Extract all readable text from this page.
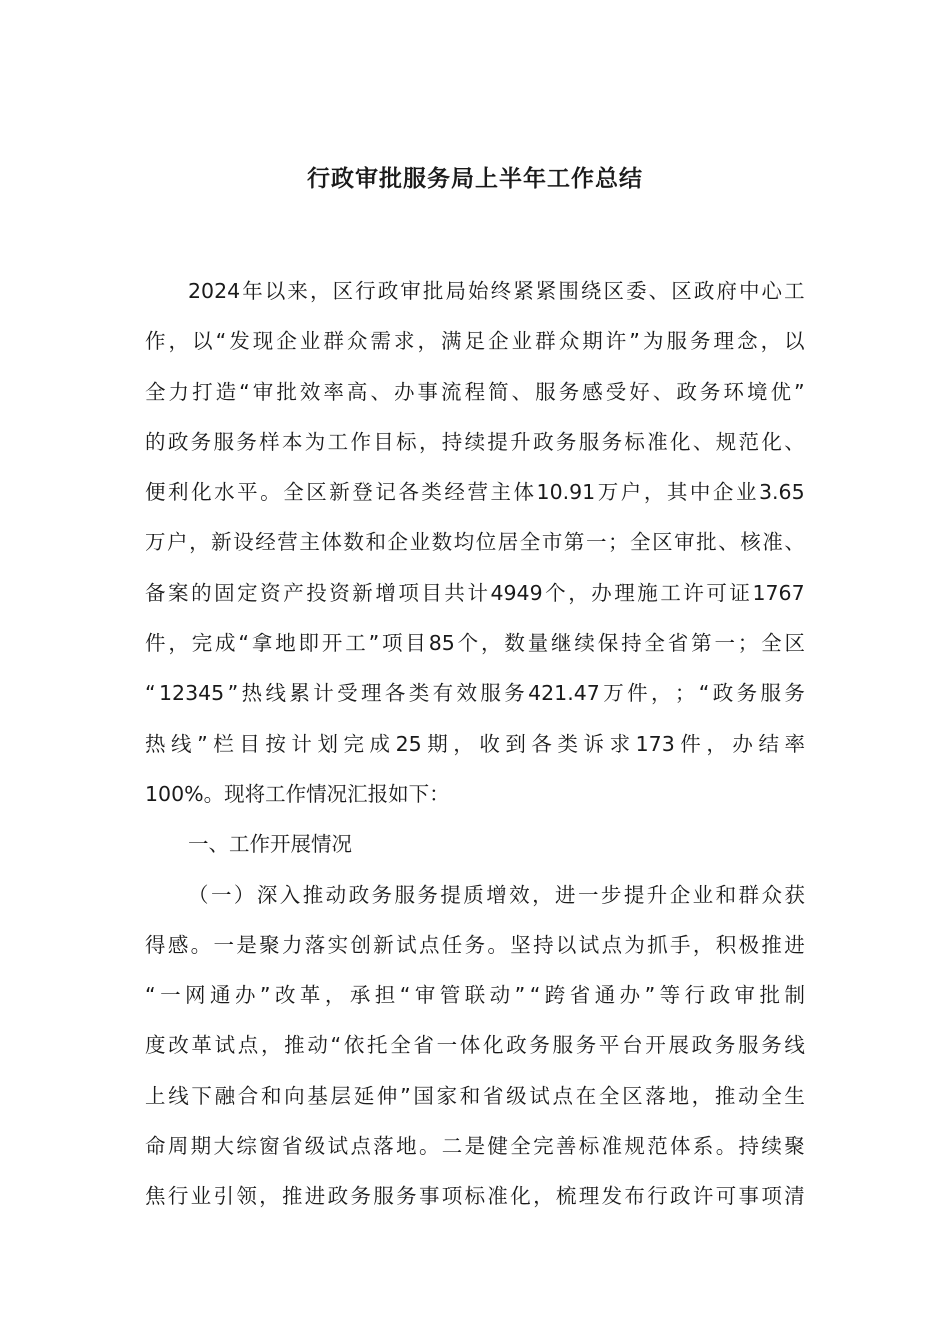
行政审批服务局上半年工作总结
2024 年 以 来 ， 区 行 政 审 批 局 始 终 紧 紧 围 绕 区 委 、 区 政 府 中 心 工
作 ， 以 “ 发 现 企 业 群 众 需 求 ， 满 足 企 业 群 众 期 许 ” 为 服 务 理 念 ， 以
全 力 打 造 “ 审 批 效 率 高 、 办 事 流 程 简 、 服 务 感 受 好 、 政 务 环 境 优 ”
的 政 务 服 务 样 本 为 工 作 目 标 ， 持 续 提 升 政 务 服 务 标 准 化 、 规 范 化 、
便 利 化 水 平 。 全 区 新 登 记 各 类 经 营 主 体 10.91 万 户 ， 其 中 企 业 3.65
万 户 ， 新 设 经 营 主 体 数 和 企 业 数 均 位 居 全 市 第 一 ； 全 区 审 批 、 核 准 、
备 案 的 固 定 资 产 投 资 新 增 项 目 共 计 4949 个 ， 办 理 施 工 许 可 证 1767
件 ， 完 成 “ 拿 地 即 开 工 ” 项 目 85 个 ， 数 量 继 续 保 持 全 省 第 一 ； 全 区
“ 12345 ” 热 线 累 计 受 理 各 类 有 效 服 务 421.47 万 件 ， ； “ 政 务 服 务
热 线 ” 栏 目 按 计 划 完 成 25 期 ， 收 到 各 类 诉 求 173 件 ， 办 结 率
100%。现将工作情况汇报如下：
一、工作开展情况
（ 一 ） 深 入 推 动 政 务 服 务 提 质 增 效 ， 进 一 步 提 升 企 业 和 群 众 获
得 感 。 一 是 聚 力 落 实 创 新 试 点 任 务 。 坚 持 以 试 点 为 抓 手 ， 积 极 推 进
“ 一 网 通 办 ” 改 革 ， 承 担 “ 审 管 联 动 ” “ 跨 省 通 办 ” 等 行 政 审 批 制
度 改 革 试 点 ， 推 动 “ 依 托 全 省 一 体 化 政 务 服 务 平 台 开 展 政 务 服 务 线
上 线 下 融 合 和 向 基 层 延 伸 ” 国 家 和 省 级 试 点 在 全 区 落 地 ， 推 动 全 生
命 周 期 大 综 窗 省 级 试 点 落 地 。 二 是 健 全 完 善 标 准 规 范 体 系 。 持 续 聚
焦 行 业 引 领 ， 推 进 政 务 服 务 事 项 标 准 化 ， 梳 理 发 布 行 政 许 可 事 项 清
